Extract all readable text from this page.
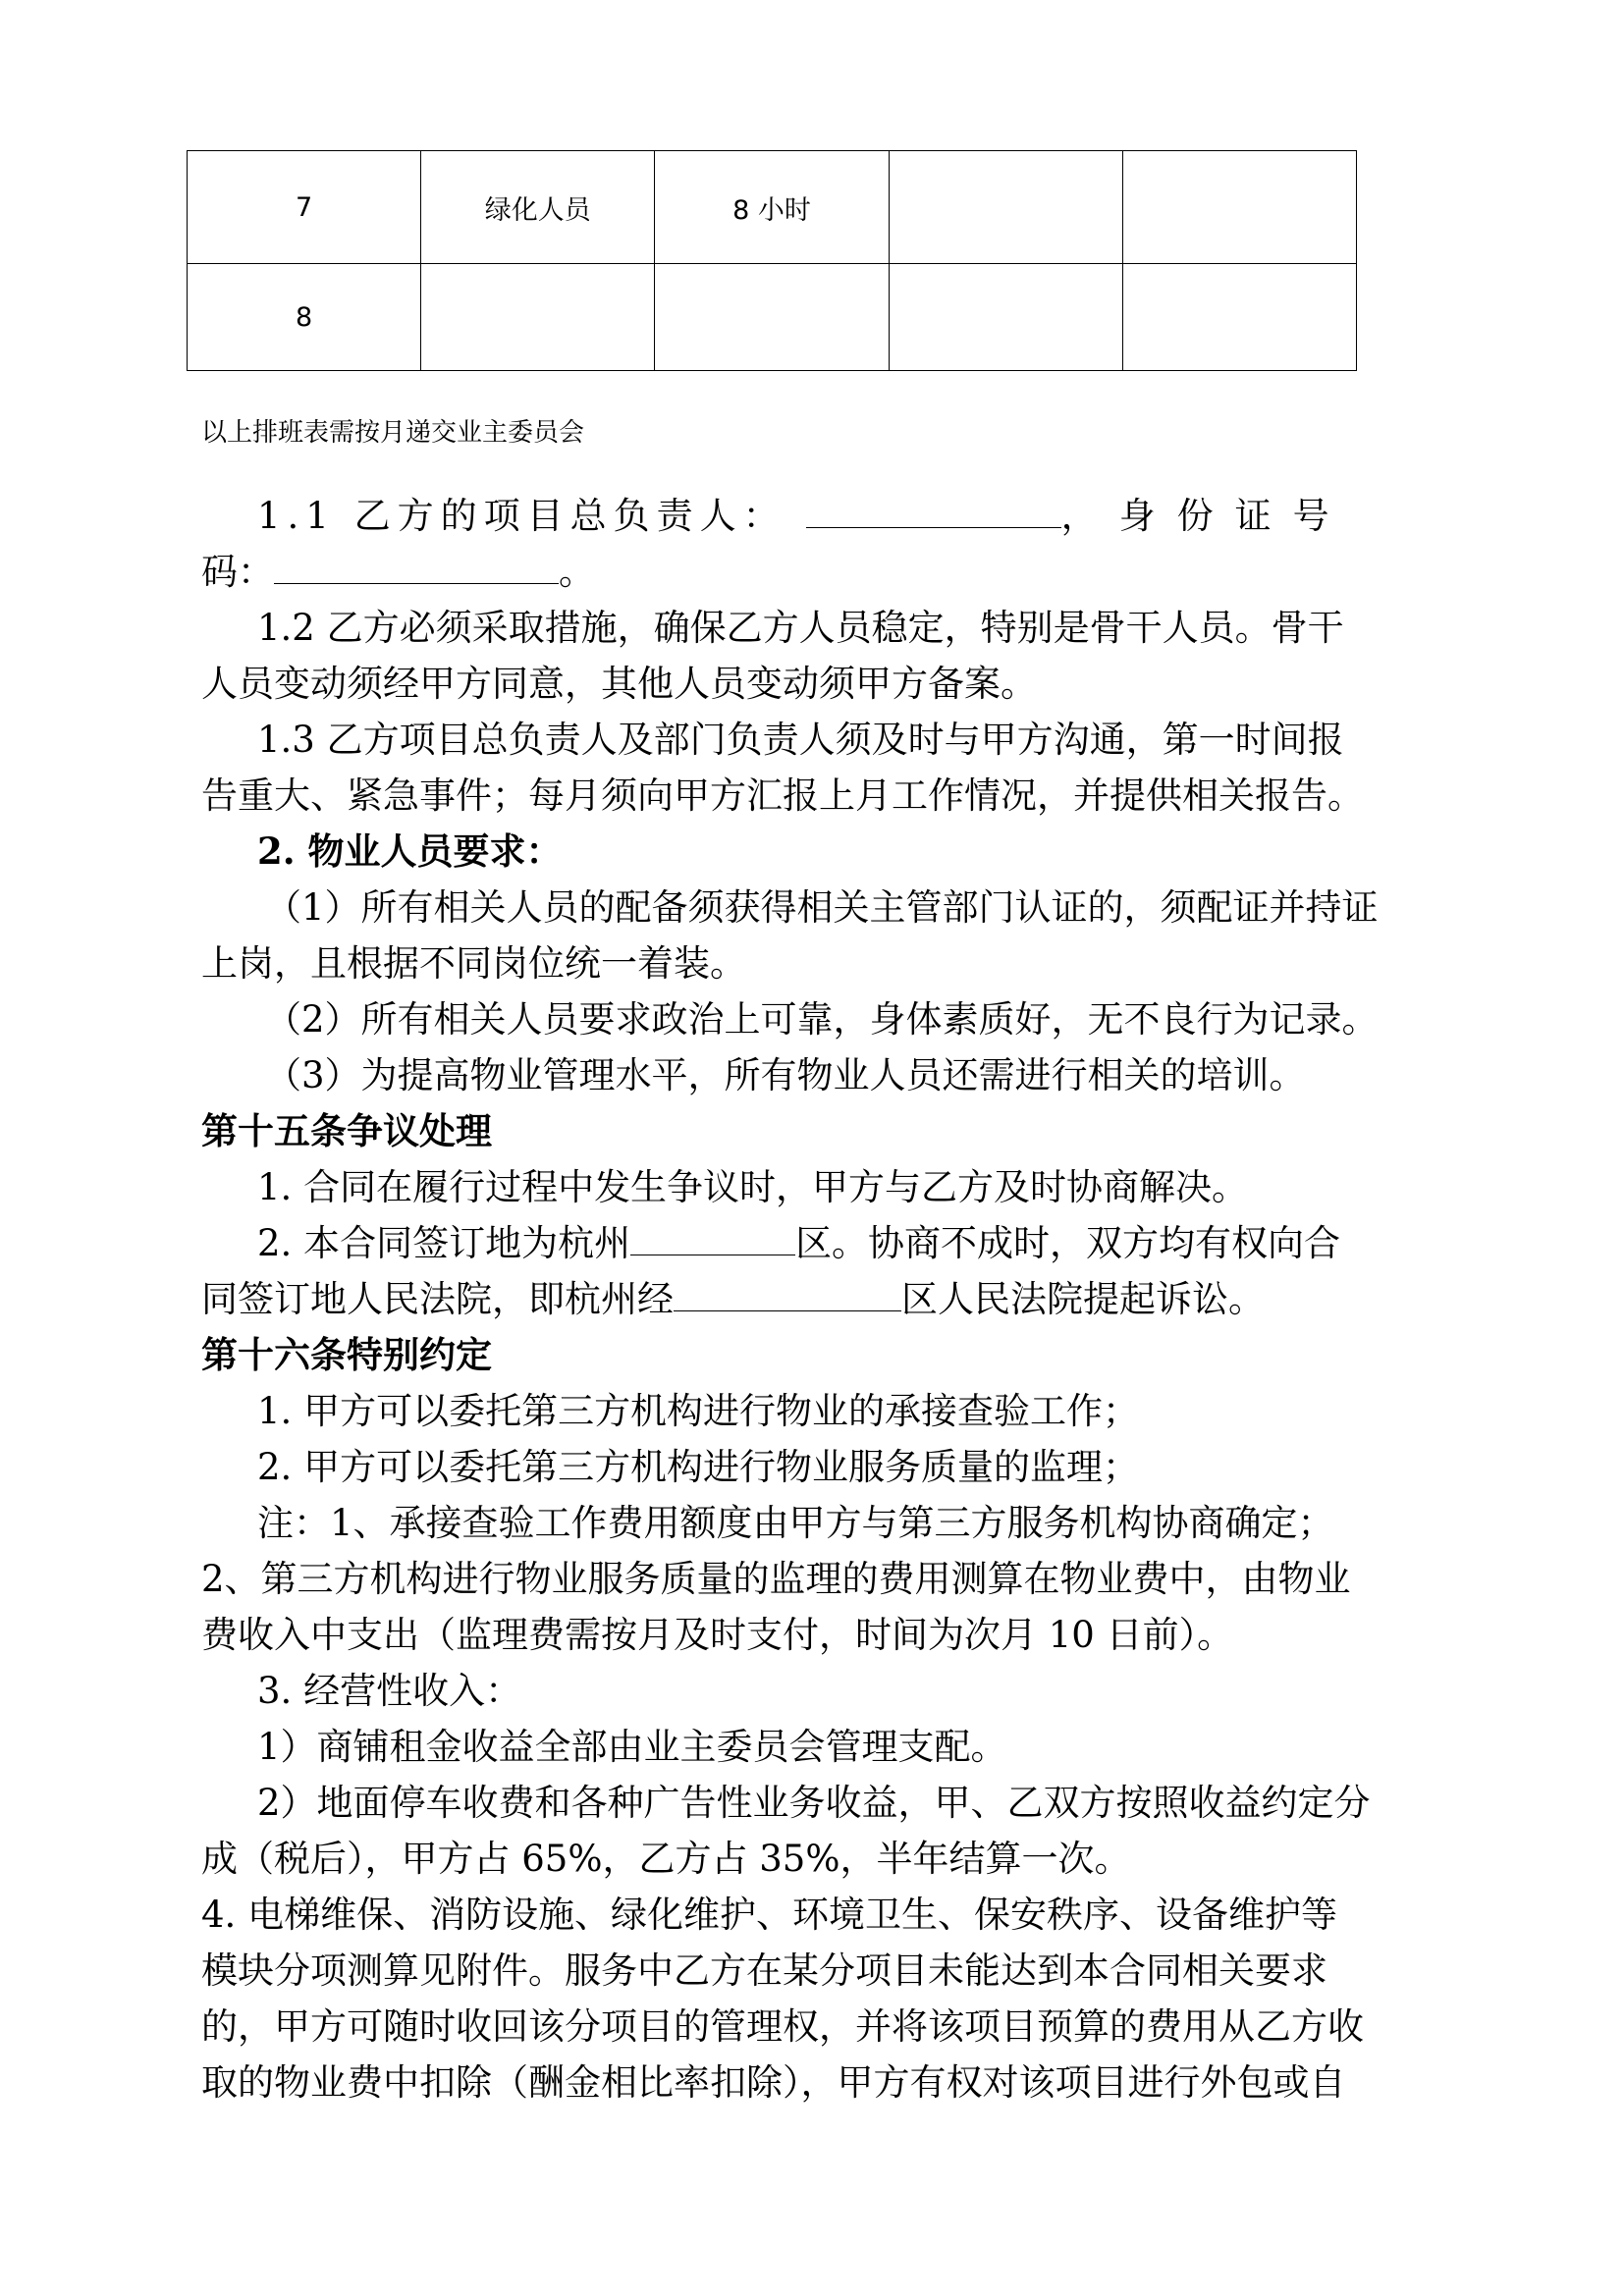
7	绿化人员	8 小时		
8				
以上排班表需按月递交业主委员会
1.1 乙方的项目总负责人：	，身份证号
码：	。
1.2 乙方必须采取措施，确保乙方人员稳定，特别是骨干人员。骨干
人员变动须经甲方同意，其他人员变动须甲方备案。
1.3 乙方项目总负责人及部门负责人须及时与甲方沟通，第一时间报
告重大、紧急事件；每月须向甲方汇报上月工作情况，并提供相关报告。
2. 物业人员要求：
（1）所有相关人员的配备须获得相关主管部门认证的，须配证并持证
上岗，且根据不同岗位统一着装。
（2）所有相关人员要求政治上可靠，身体素质好，无不良行为记录。
（3）为提高物业管理水平，所有物业人员还需进行相关的培训。
第十五条争议处理
1. 合同在履行过程中发生争议时，甲方与乙方及时协商解决。
2. 本合同签订地为杭州	区。协商不成时，双方均有权向合
同签订地人民法院，即杭州经	区人民法院提起诉讼。
第十六条特别约定
1. 甲方可以委托第三方机构进行物业的承接查验工作；
2. 甲方可以委托第三方机构进行物业服务质量的监理；
注：1、承接查验工作费用额度由甲方与第三方服务机构协商确定；
2、第三方机构进行物业服务质量的监理的费用测算在物业费中，由物业
费收入中支出（监理费需按月及时支付，时间为次月 10 日前）。
3. 经营性收入：
1）商铺租金收益全部由业主委员会管理支配。
2）地面停车收费和各种广告性业务收益，甲、乙双方按照收益约定分
成（税后），甲方占 65%，乙方占 35%，半年结算一次。
4. 电梯维保、消防设施、绿化维护、环境卫生、保安秩序、设备维护等
模块分项测算见附件。服务中乙方在某分项目未能达到本合同相关要求
的，甲方可随时收回该分项目的管理权，并将该项目预算的费用从乙方收
取的物业费中扣除（酬金相比率扣除），甲方有权对该项目进行外包或自
